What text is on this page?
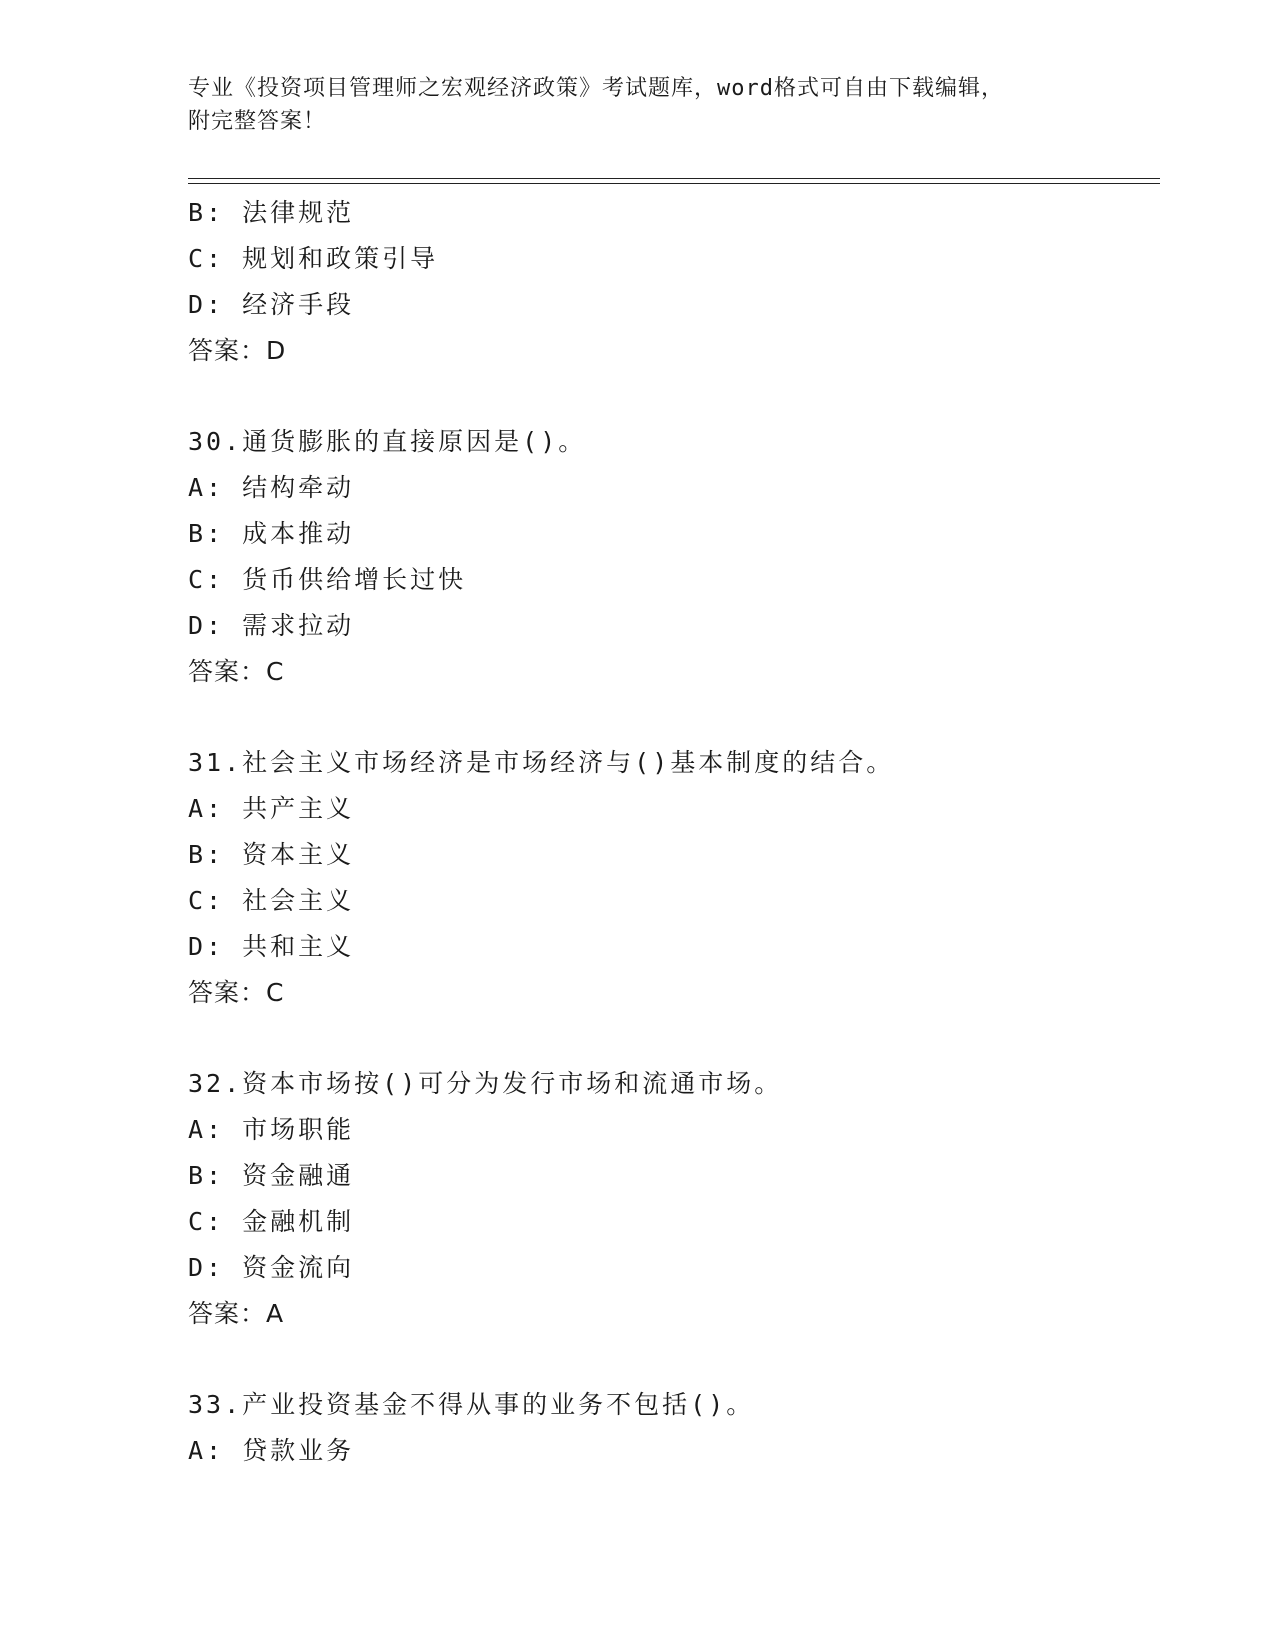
专业《投资项目管理师之宏观经济政策》考试题库，word格式可自由下载编辑，
附完整答案！
B: 法律规范
C: 规划和政策引导
D: 经济手段
答案：D
30.通货膨胀的直接原因是()。
A: 结构牵动
B: 成本推动
C: 货币供给增长过快
D: 需求拉动
答案：C
31.社会主义市场经济是市场经济与()基本制度的结合。
A: 共产主义
B: 资本主义
C: 社会主义
D: 共和主义
答案：C
32.资本市场按()可分为发行市场和流通市场。
A: 市场职能
B: 资金融通
C: 金融机制
D: 资金流向
答案：A
33.产业投资基金不得从事的业务不包括()。
A: 贷款业务
